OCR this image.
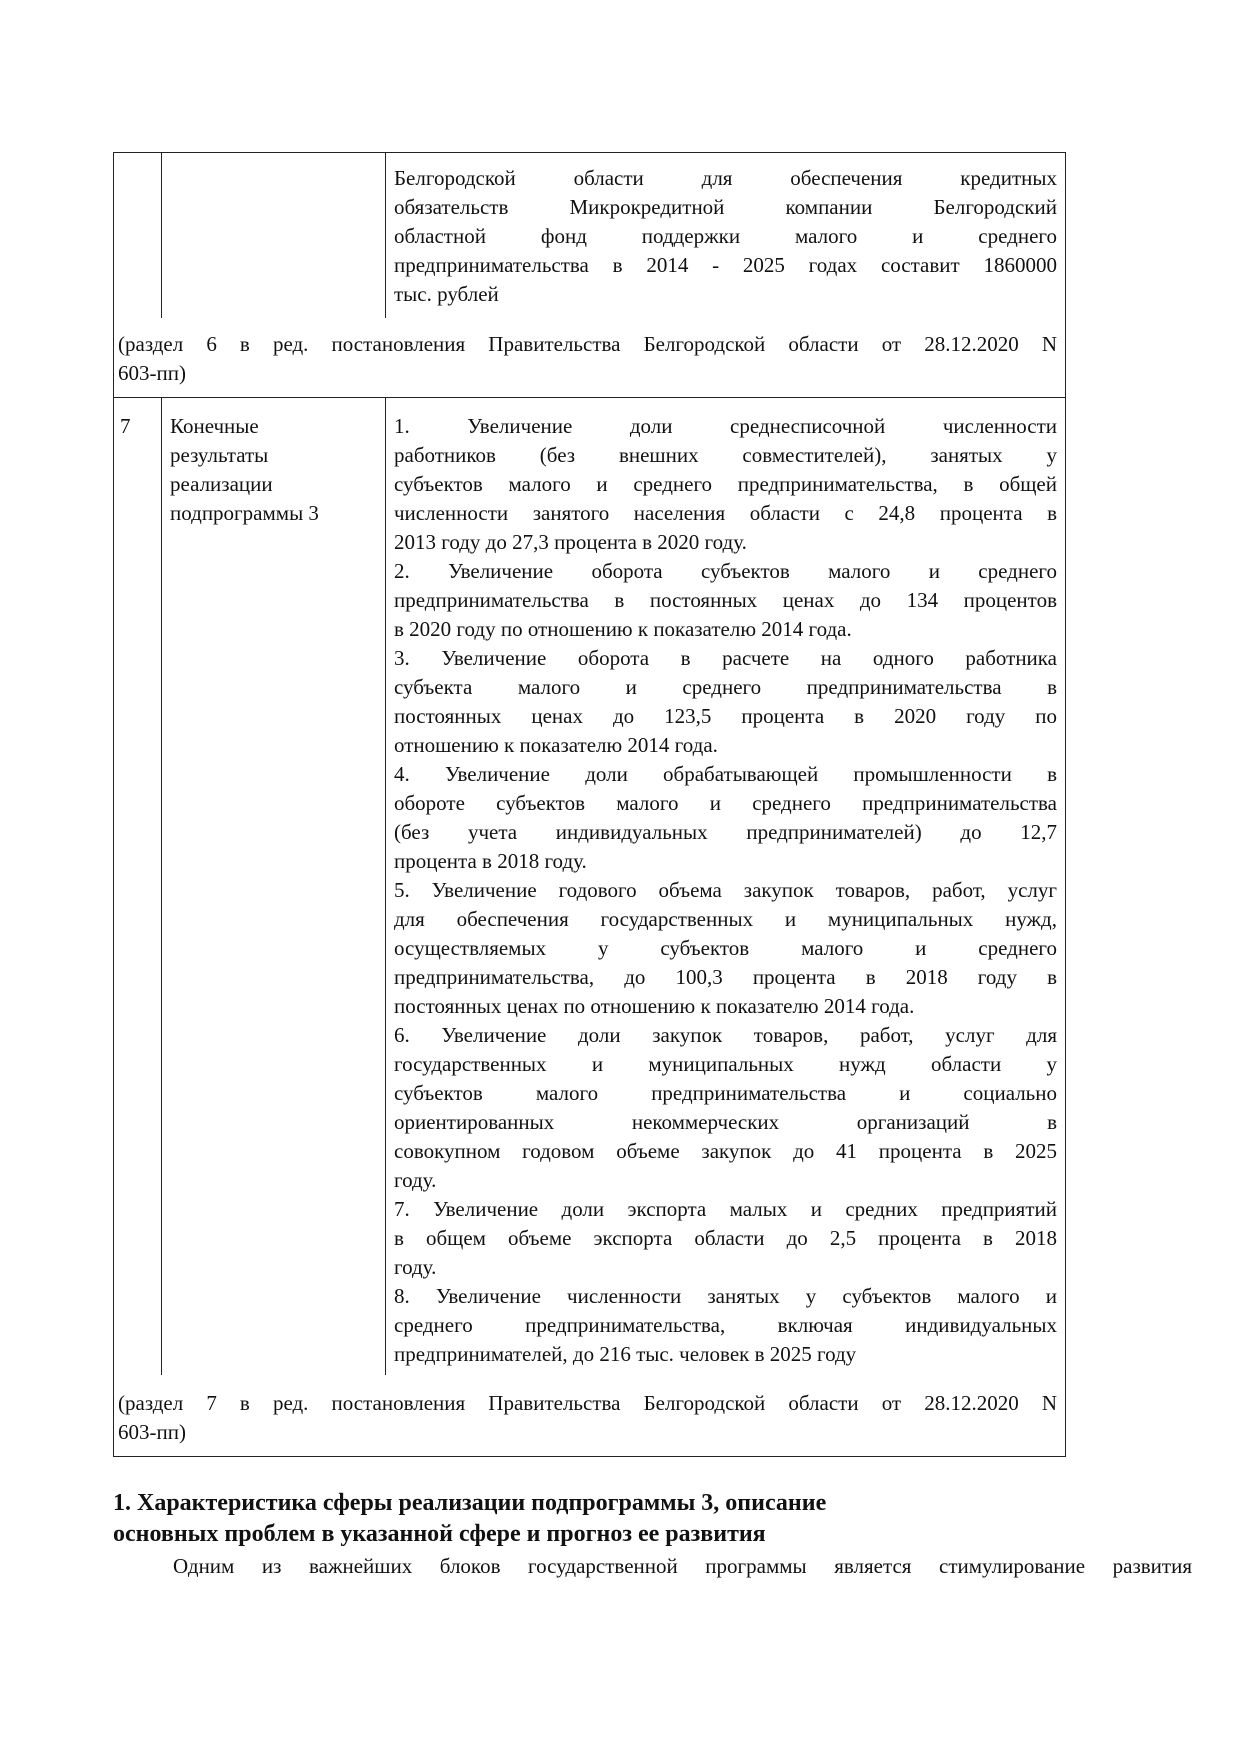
Белгородской области для обеспечения кредитных
обязательств Микрокредитной компании Белгородский
областной фонд поддержки малого и среднего
предпринимательства в 2014 - 2025 годах составит 1860000
тыс. рублей
(раздел 6 в ред. постановления Правительства Белгородской области от 28.12.2020 N
603-пп)
7 Конечные
результаты
реализации
подпрограммы 3
1. Увеличение доли среднесписочной численности
работников (без внешних совместителей), занятых у
субъектов малого и среднего предпринимательства, в общей
численности занятого населения области с 24,8 процента в
2013 году до 27,3 процента в 2020 году.
2. Увеличение оборота субъектов малого и среднего
предпринимательства в постоянных ценах до 134 процентов
в 2020 году по отношению к показателю 2014 года.
3. Увеличение оборота в расчете на одного работника
субъекта малого и среднего предпринимательства в
постоянных ценах до 123,5 процента в 2020 году по
отношению к показателю 2014 года.
4. Увеличение доли обрабатывающей промышленности в
обороте субъектов малого и среднего предпринимательства
(без учета индивидуальных предпринимателей) до 12,7
процента в 2018 году.
5. Увеличение годового объема закупок товаров, работ, услуг
для обеспечения государственных и муниципальных нужд,
осуществляемых у субъектов малого и среднего
предпринимательства, до 100,3 процента в 2018 году в
постоянных ценах по отношению к показателю 2014 года.
6. Увеличение доли закупок товаров, работ, услуг для
государственных и муниципальных нужд области у
субъектов малого предпринимательства и социально
ориентированных некоммерческих организаций в
совокупном годовом объеме закупок до 41 процента в 2025
году.
7. Увеличение доли экспорта малых и средних предприятий
в общем объеме экспорта области до 2,5 процента в 2018
году.
8. Увеличение численности занятых у субъектов малого и
среднего предпринимательства, включая индивидуальных
предпринимателей, до 216 тыс. человек в 2025 году
(раздел 7 в ред. постановления Правительства Белгородской области от 28.12.2020 N
603-пп)
1. Характеристика сферы реализации подпрограммы 3, описание
основных проблем в указанной сфере и прогноз ее развития
Одним из важнейших блоков государственной программы является стимулирование развития
